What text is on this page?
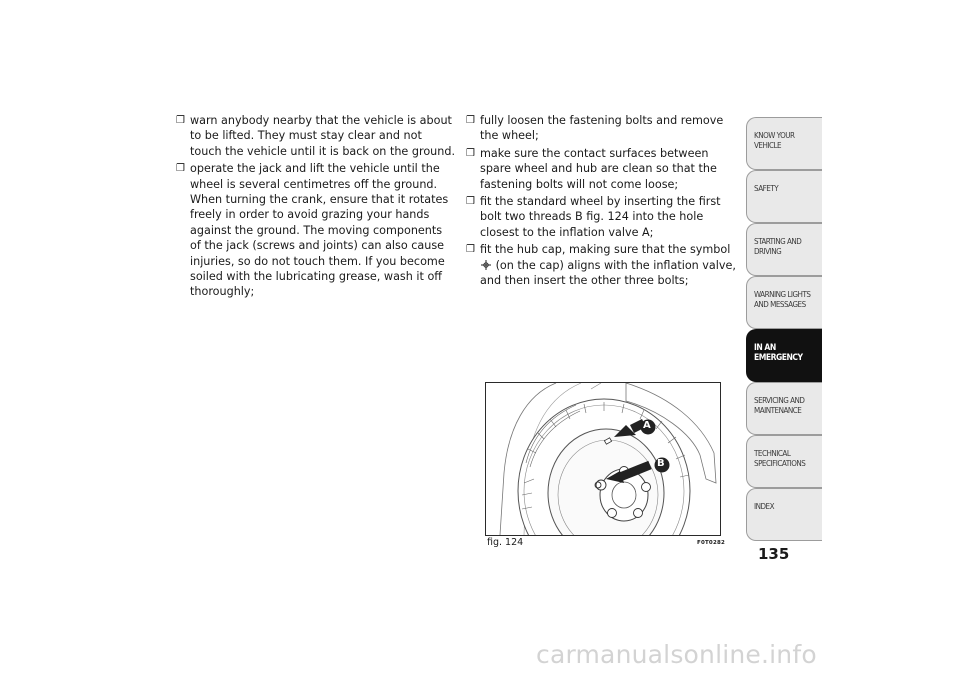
❒ warn anybody nearby that the vehicle is about to be lifted. They must stay clear and not touch the vehicle until it is back on the ground.
❒ operate the jack and lift the vehicle until the wheel is several centimetres off the ground. When turning the crank, ensure that it rotates freely in order to avoid grazing your hands against the ground. The moving components of the jack (screws and joints) can also cause injuries, so do not touch them. If you become soiled with the lubricating grease, wash it off thoroughly;
❒ fully loosen the fastening bolts and remove the wheel;
❒ make sure the contact surfaces between spare wheel and hub are clean so that the fastening bolts will not come loose;
❒ fit the standard wheel by inserting the first bolt two threads B fig. 124 into the hole closest to the inflation valve A;
❒ fit the hub cap, making sure that the symbol  (on the cap) aligns with the inflation valve, and then insert the other three bolts;
A
B
fig. 124	F0T0282
KNOW YOUR
VEHICLE
SAFETY
STARTING AND
DRIVING
WARNING LIGHTS
AND MESSAGES
IN AN
EMERGENCY
SERVICING AND
MAINTENANCE
TECHNICAL
SPECIFICATIONS
INDEX
135
carmanualsonline.info
